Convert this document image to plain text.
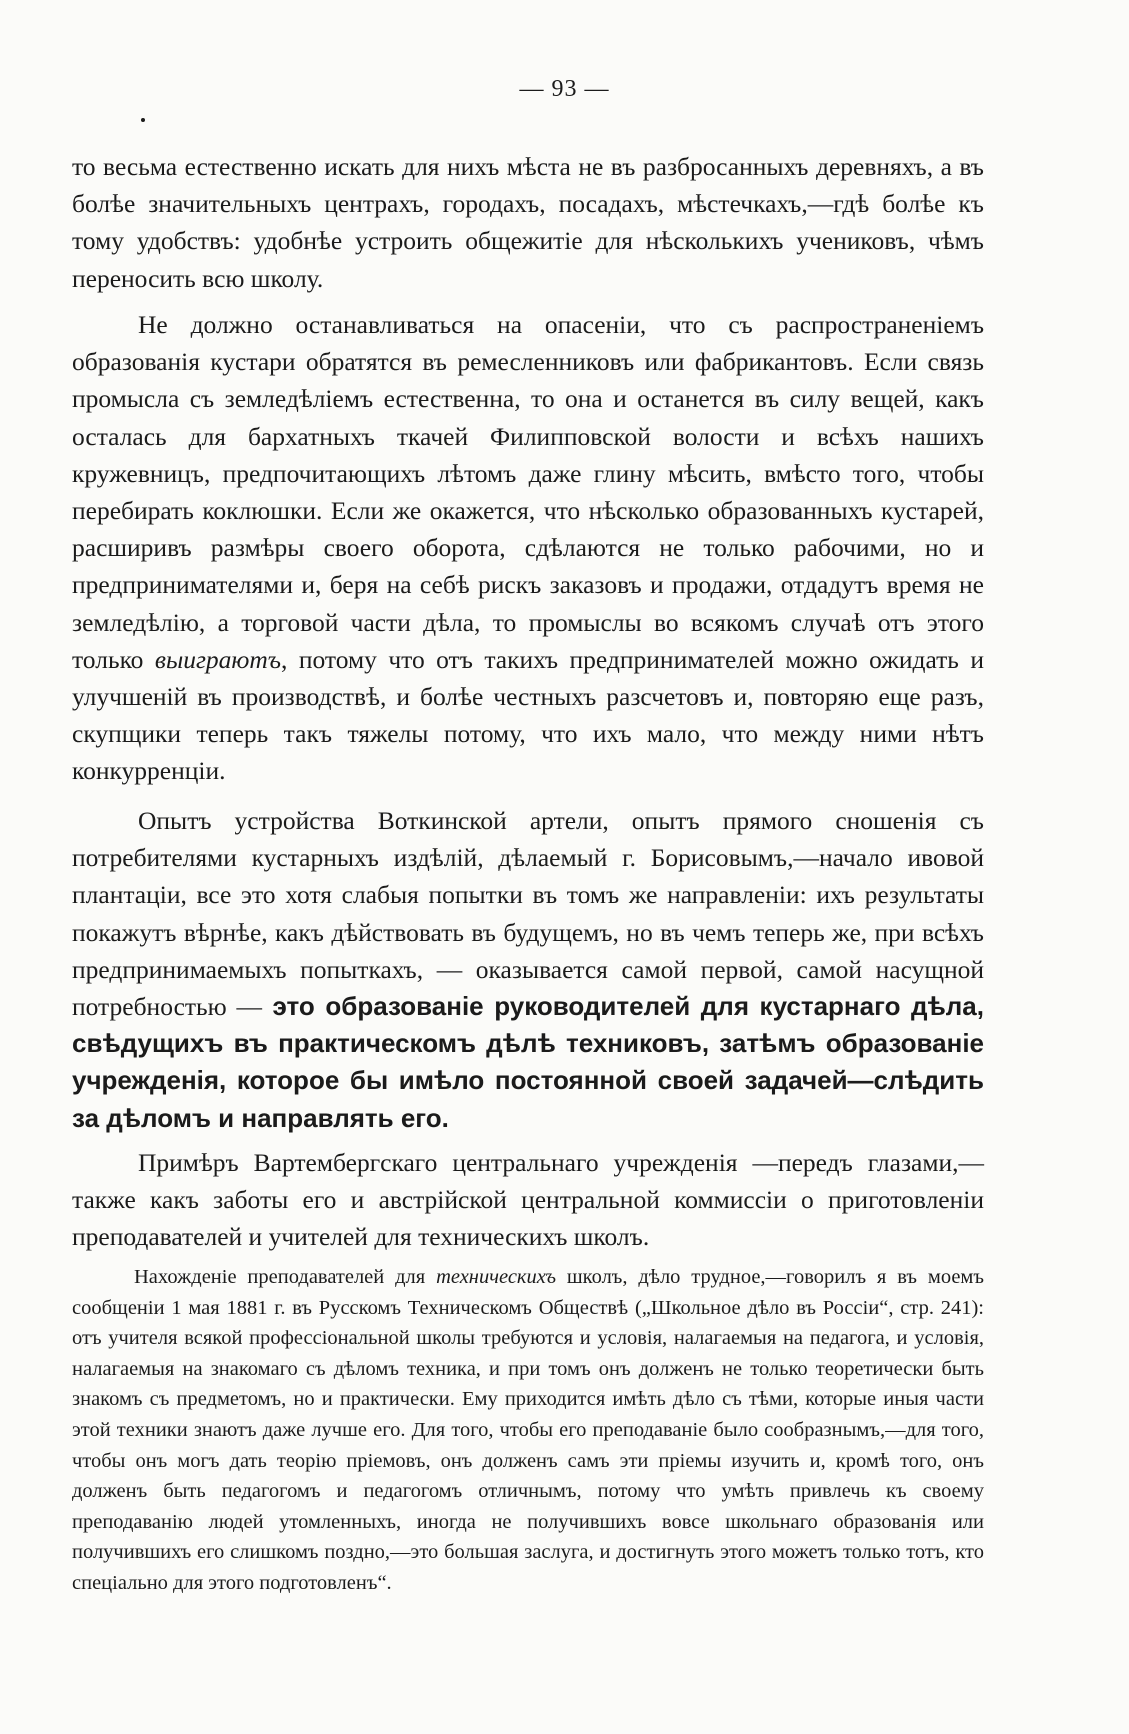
— 93 —

то весьма естественно искать для нихъ мѣста не въ разбросанныхъ деревняхъ, а въ болѣе значительныхъ центрахъ, городахъ, посадахъ, мѣстечкахъ,—гдѣ болѣе къ тому удобствъ: удобнѣе устроить общежитіе для нѣсколькихъ учениковъ, чѣмъ переносить всю школу.

Не должно останавливаться на опасеніи, что съ распространеніемъ образованія кустари обратятся въ ремесленниковъ или фабрикантовъ. Если связь промысла съ земледѣліемъ естественна, то она и останется въ силу вещей, какъ осталась для бархатныхъ ткачей Филипповской волости и всѣхъ нашихъ кружевницъ, предпочитающихъ лѣтомъ даже глину мѣсить, вмѣсто того, чтобы перебирать коклюшки. Если же окажется, что нѣсколько образованныхъ кустарей, расширивъ размѣры своего оборота, сдѣлаются не только рабочими, но и предпринимателями и, беря на себѣ рискъ заказовъ и продажи, отдадутъ время не земледѣлію, а торговой части дѣла, то промыслы во всякомъ случаѣ отъ этого только выиграютъ, потому что отъ такихъ предпринимателей можно ожидать и улучшеній въ производствѣ, и болѣе честныхъ разсчетовъ и, повторяю еще разъ, скупщики теперь такъ тяжелы потому, что ихъ мало, что между ними нѣтъ конкурренціи.

Опытъ устройства Воткинской артели, опытъ прямого сношенія съ потребителями кустарныхъ издѣлій, дѣлаемый г. Борисовымъ,—начало ивовой плантаціи, все это хотя слабыя попытки въ томъ же направленіи: ихъ результаты покажутъ вѣрнѣе, какъ дѣйствовать въ будущемъ, но въ чемъ теперь же, при всѣхъ предпринимаемыхъ попыткахъ, — оказывается самой первой, самой насущной потребностью — это образованіе руководителей для кустарнаго дѣла, свѣдущихъ въ практическомъ дѣлѣ техниковъ, затѣмъ образованіе учрежденія, которое бы имѣло постоянной своей задачей—слѣдить за дѣломъ и направлять его.

Примѣръ Вартембергскаго центральнаго учрежденія —передъ глазами,— также какъ заботы его и австрійской центральной коммиссіи о приготовленіи преподавателей и учителей для техническихъ школъ.

Нахожденіе преподавателей для техническихъ школъ, дѣло трудное,—говорилъ я въ моемъ сообщеніи 1 мая 1881 г. въ Русскомъ Техническомъ Обществѣ („Школьное дѣло въ Россіи“, стр. 241): отъ учителя всякой профессіональной школы требуются и условія, налагаемыя на педагога, и условія, налагаемыя на знакомаго съ дѣломъ техника, и при томъ онъ долженъ не только теоретически быть знакомъ съ предметомъ, но и практически. Ему приходится имѣть дѣло съ тѣми, которые иныя части этой техники знаютъ даже лучше его. Для того, чтобы его преподаваніе было сообразнымъ,—для того, чтобы онъ могъ дать теорію пріемовъ, онъ долженъ самъ эти пріемы изучить и, кромѣ того, онъ долженъ быть педагогомъ и педагогомъ отличнымъ, потому что умѣть привлечь къ своему преподаванію людей утомленныхъ, иногда не получившихъ вовсе школьнаго образованія или получившихъ его слишкомъ поздно,—это большая заслуга, и достигнуть этого можетъ только тотъ, кто спеціально для этого подготовленъ“.
